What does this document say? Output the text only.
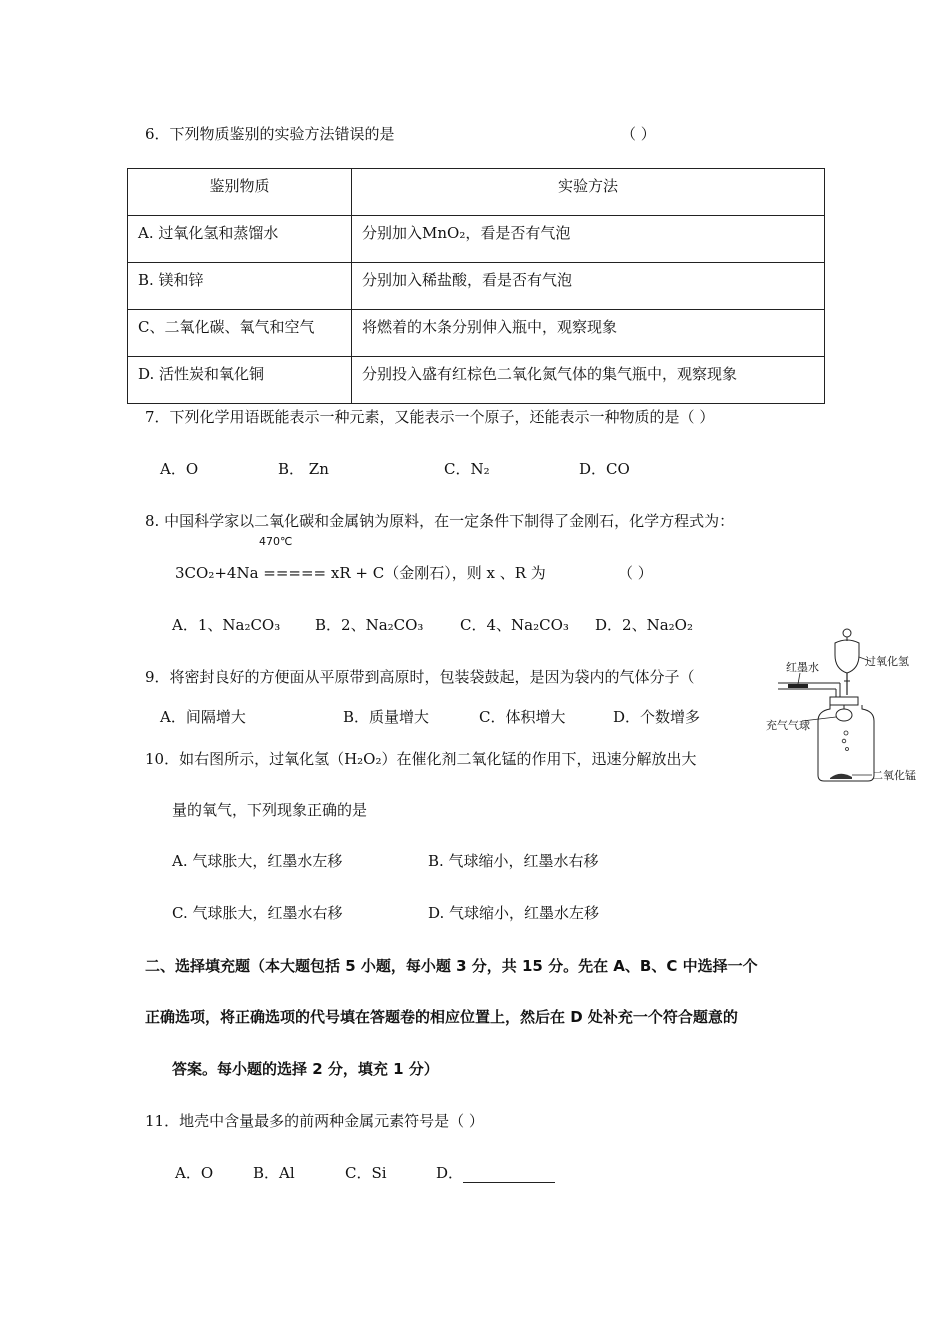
6．下列物质鉴别的实验方法错误的是	（ ）
鉴别物质	实验方法
A. 过氧化氢和蒸馏水	分别加入MnO₂，看是否有气泡
B. 镁和锌	分别加入稀盐酸，看是否有气泡
C、二氧化碳、氧气和空气	将燃着的木条分别伸入瓶中，观察现象
D. 活性炭和氧化铜	分别投入盛有红棕色二氧化氮气体的集气瓶中，观察现象
7．下列化学用语既能表示一种元素，又能表示一个原子，还能表示一种物质的是（ ）
A．O	B． Zn	C．N₂	D．CO
8. 中国科学家以二氧化碳和金属钠为原料，在一定条件下制得了金刚石，化学方程式为：
470℃
3CO₂+4Na ===== xR + C（金刚石），则 x 、R 为	（ ）
A．1、Na₂CO₃ B．2、Na₂CO₃ C．4、Na₂CO₃ D．2、Na₂O₂
9．将密封良好的方便面从平原带到高原时，包装袋鼓起，是因为袋内的气体分子（
A．间隔增大	B．质量增大	C．体积增大	D．个数增多
10．如右图所示，过氧化氢（H₂O₂）在催化剂二氧化锰的作用下，迅速分解放出大
量的氧气，下列现象正确的是
A. 气球胀大，红墨水左移	B. 气球缩小，红墨水右移
C. 气球胀大，红墨水右移	D. 气球缩小，红墨水左移
过氧化氢
红墨水
充气气球
二氧化锰
二、选择填充题（本大题包括 5 小题，每小题 3 分，共 15 分。先在 A、B、C 中选择一个
正确选项，将正确选项的代号填在答题卷的相应位置上，然后在 D 处补充一个符合题意的
答案。每小题的选择 2 分，填充 1 分）
11．地壳中含量最多的前两种金属元素符号是（ ）
A．O	B．Al	C．Si	D．
